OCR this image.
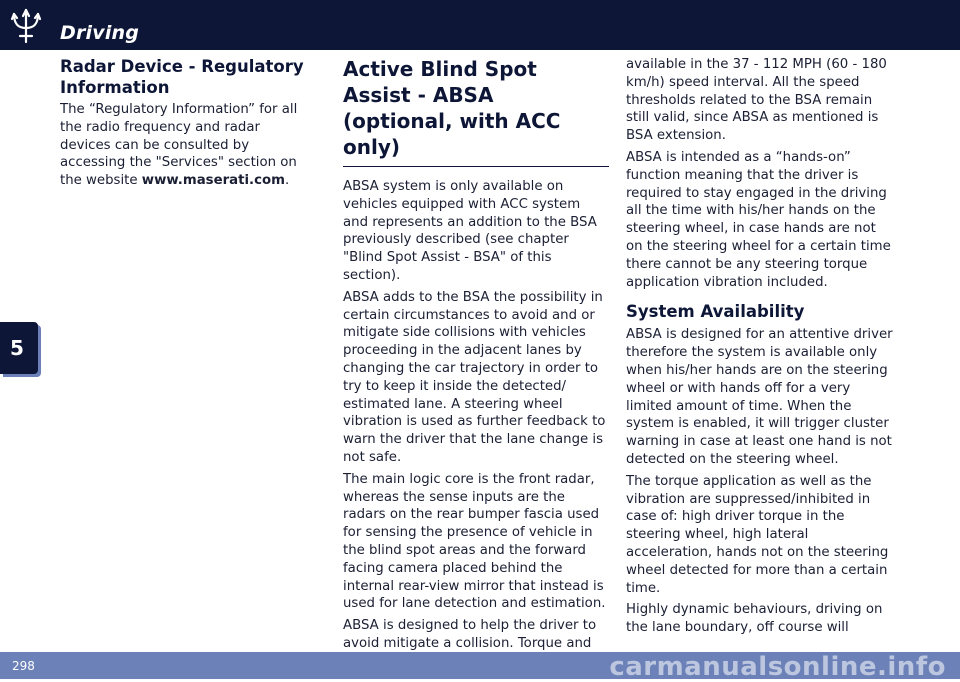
Driving
5
Radar Device - Regulatory Information

The “Regulatory Information” for all the radio frequency and radar devices can be consulted by accessing the "Services" section on the website www.maserati.com.

Active Blind Spot Assist - ABSA (optional, with ACC only)

ABSA system is only available on vehicles equipped with ACC system and represents an addition to the BSA previously described (see chapter "Blind Spot Assist - BSA" of this section).

ABSA adds to the BSA the possibility in certain circumstances to avoid and or mitigate side collisions with vehicles proceeding in the adjacent lanes by changing the car trajectory in order to try to keep it inside the detected/ estimated lane. A steering wheel vibration is used as further feedback to warn the driver that the lane change is not safe.

The main logic core is the front radar, whereas the sense inputs are the radars on the rear bumper fascia used for sensing the presence of vehicle in the blind spot areas and the forward facing camera placed behind the internal rear-view mirror that instead is used for lane detection and estimation.

ABSA is designed to help the driver to avoid mitigate a collision. Torque and

available in the 37 - 112 MPH (60 - 180 km/h) speed interval. All the speed thresholds related to the BSA remain still valid, since ABSA as mentioned is BSA extension.

ABSA is intended as a “hands-on” function meaning that the driver is required to stay engaged in the driving all the time with his/her hands on the steering wheel, in case hands are not on the steering wheel for a certain time there cannot be any steering torque application vibration included.

System Availability

ABSA is designed for an attentive driver therefore the system is available only when his/her hands are on the steering wheel or with hands off for a very limited amount of time. When the system is enabled, it will trigger cluster warning in case at least one hand is not detected on the steering wheel.

The torque application as well as the vibration are suppressed/inhibited in case of: high driver torque in the steering wheel, high lateral acceleration, hands not on the steering wheel detected for more than a certain time.

Highly dynamic behaviours, driving on the lane boundary, off course will

298	carmanualsonline.info
